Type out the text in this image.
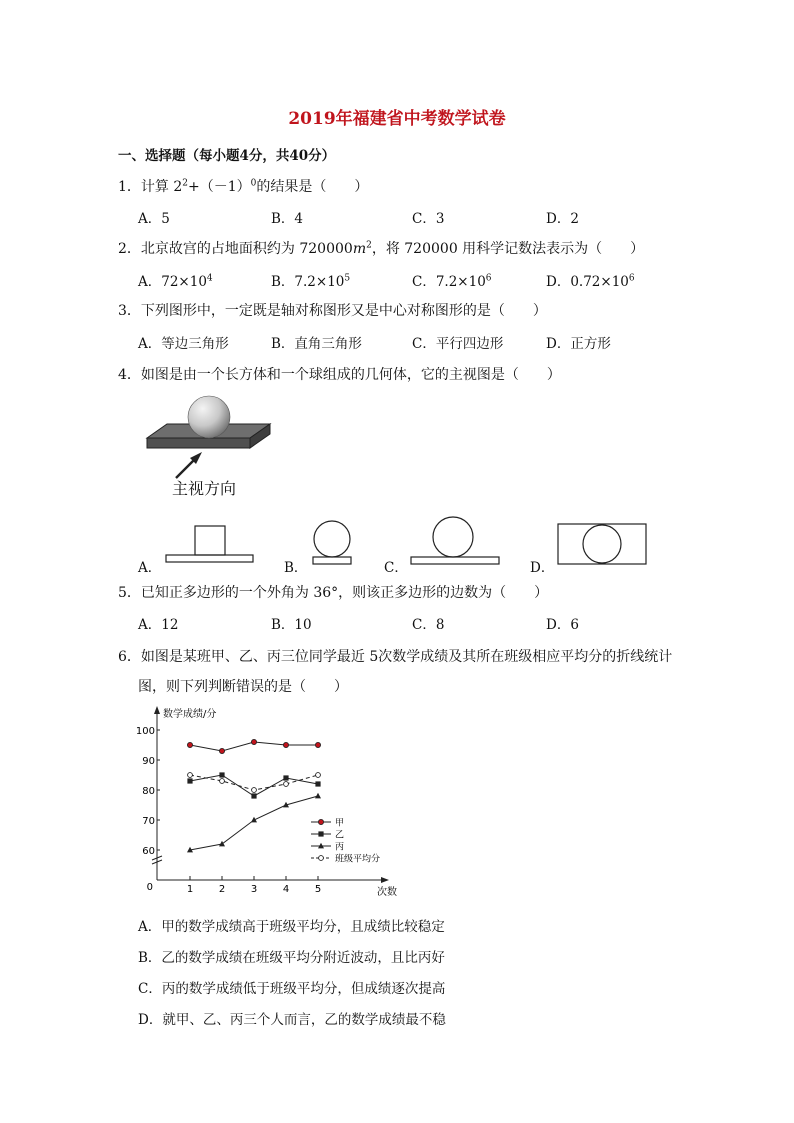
2019年福建省中考数学试卷
一、选择题（每小题4分，共40分）
1．计算 $2^2+(-1)^0$的结果是（　　）
A．5	B．4	C．3	D．2
2．北京故宫的占地面积约为 $720000m^2$，将 720000 用科学记数法表示为（　　）
A．$72\times 10^4$	B．$7.2\times 10^5$	C．$7.2\times 10^6$	D．$0.72\times 10^6$
3．下列图形中，一定既是轴对称图形又是中心对称图形的是（　　）
A．等边三角形	B．直角三角形	C．平行四边形	D．正方形
4．如图是由一个长方体和一个球组成的几何体，它的主视图是（　　）
主视方向
A．	B．	C．	D．
5．已知正多边形的一个外角为 36°，则该正多边形的边数为（　　）
A．12	B．10	C．8	D．6
6．如图是某班甲、乙、丙三位同学最近 5次数学成绩及其所在班级相应平均分的折线统计
图，则下列判断错误的是（　　）
数学成绩/分
次数
0
60
70
80
90
100
1	2	3	4	5
甲
乙
丙
班级平均分
A．甲的数学成绩高于班级平均分，且成绩比较稳定
B．乙的数学成绩在班级平均分附近波动，且比丙好
C．丙的数学成绩低于班级平均分，但成绩逐次提高
D．就甲、乙、丙三个人而言，乙的数学成绩最不稳
